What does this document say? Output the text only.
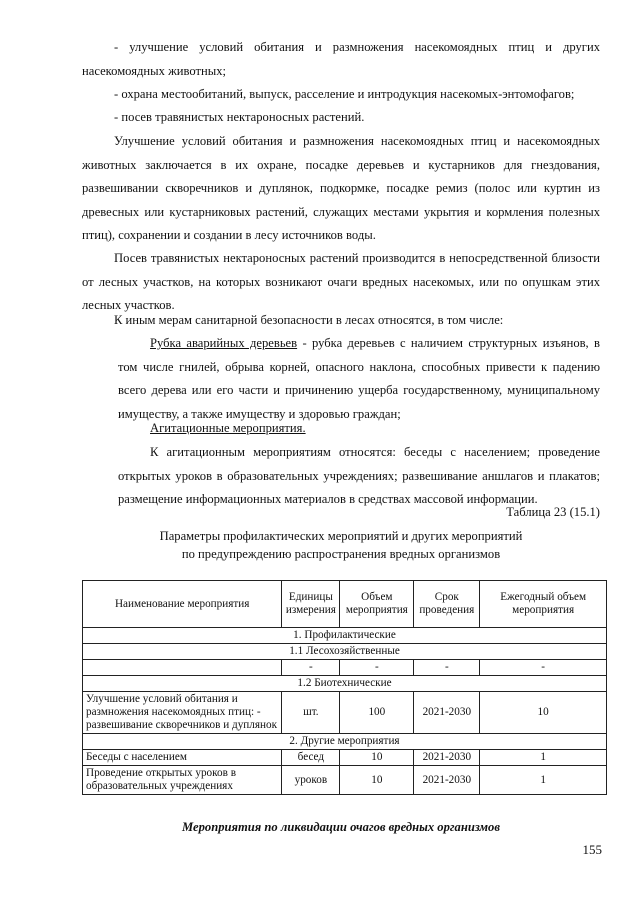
- улучшение условий обитания и размножения насекомоядных птиц и других насекомоядных животных;

- охрана местообитаний, выпуск, расселение и интродукция насекомых-энтомофагов;

- посев травянистых нектароносных растений.

Улучшение условий обитания и размножения насекомоядных птиц и насекомоядных животных заключается в их охране, посадке деревьев и кустарников для гнездования, развешивании скворечников и дуплянок, подкормке, посадке ремиз (полос или куртин из древесных или кустарниковых растений, служащих местами укрытия и кормления полезных птиц), сохранении и создании в лесу источников воды.

Посев травянистых нектароносных растений производится в непосредственной близости от лесных участков, на которых возникают очаги вредных насекомых, или по опушкам этих лесных участков.

К иным мерам санитарной безопасности в лесах относятся, в том числе:

Рубка аварийных деревьев - рубка деревьев с наличием структурных изъянов, в том числе гнилей, обрыва корней, опасного наклона, способных привести к падению всего дерева или его части и причинению ущерба государственному, муниципальному имуществу, а также имуществу и здоровью граждан;

Агитационные мероприятия.

К агитационным мероприятиям относятся: беседы с населением; проведение открытых уроков в образовательных учреждениях; развешивание аншлагов и плакатов; размещение информационных материалов в средствах массовой информации.

Таблица 23 (15.1)
Параметры профилактических мероприятий и других мероприятий
по предупреждению распространения вредных организмов
Наименование мероприятия	Единицы измерения	Объем мероприятия	Срок проведения	Ежегодный объем мероприятия
1. Профилактические				
1.1 Лесохозяйственные				
	-	-	-	-
1.2 Биотехнические				
Улучшение условий обитания и размножения насекомоядных птиц: - развешивание скворечников и дуплянок	шт.	100	2021-2030	10
2. Другие мероприятия				
Беседы с населением	бесед	10	2021-2030	1
Проведение открытых уроков в образовательных учреждениях	уроков	10	2021-2030	1
Мероприятия по ликвидации очагов вредных организмов
155
